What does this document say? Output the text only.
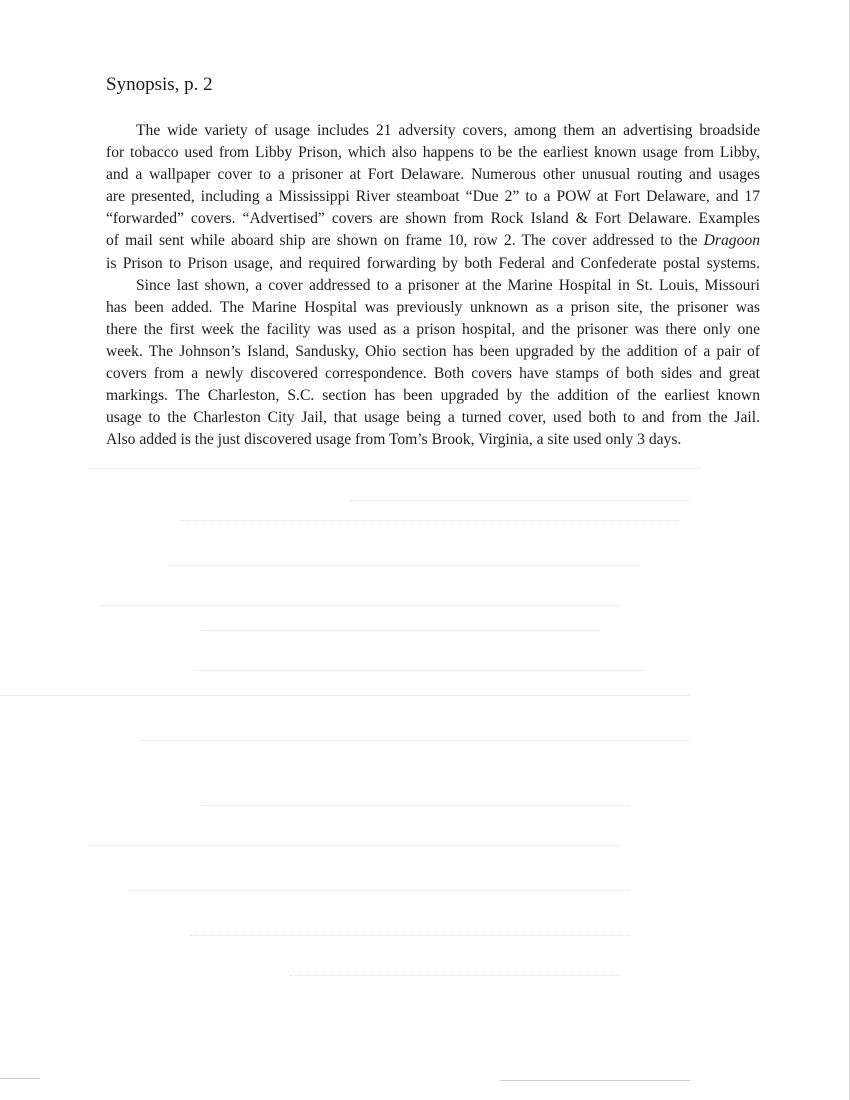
Synopsis, p. 2
The wide variety of usage includes 21 adversity covers, among them an advertising broadside
for tobacco used from Libby Prison, which also happens to be the earliest known usage from Libby,
and a wallpaper cover to a prisoner at Fort Delaware. Numerous other unusual routing and usages
are presented, including a Mississippi River steamboat “Due 2” to a POW at Fort Delaware, and 17
“forwarded” covers. “Advertised” covers are shown from Rock Island & Fort Delaware. Examples
of mail sent while aboard ship are shown on frame 10, row 2. The cover addressed to the Dragoon
is Prison to Prison usage, and required forwarding by both Federal and Confederate postal systems.
Since last shown, a cover addressed to a prisoner at the Marine Hospital in St. Louis, Missouri
has been added. The Marine Hospital was previously unknown as a prison site, the prisoner was
there the first week the facility was used as a prison hospital, and the prisoner was there only one
week. The Johnson’s Island, Sandusky, Ohio section has been upgraded by the addition of a pair of
covers from a newly discovered correspondence. Both covers have stamps of both sides and great
markings. The Charleston, S.C. section has been upgraded by the addition of the earliest known
usage to the Charleston City Jail, that usage being a turned cover, used both to and from the Jail.
Also added is the just discovered usage from Tom’s Brook, Virginia, a site used only 3 days.
